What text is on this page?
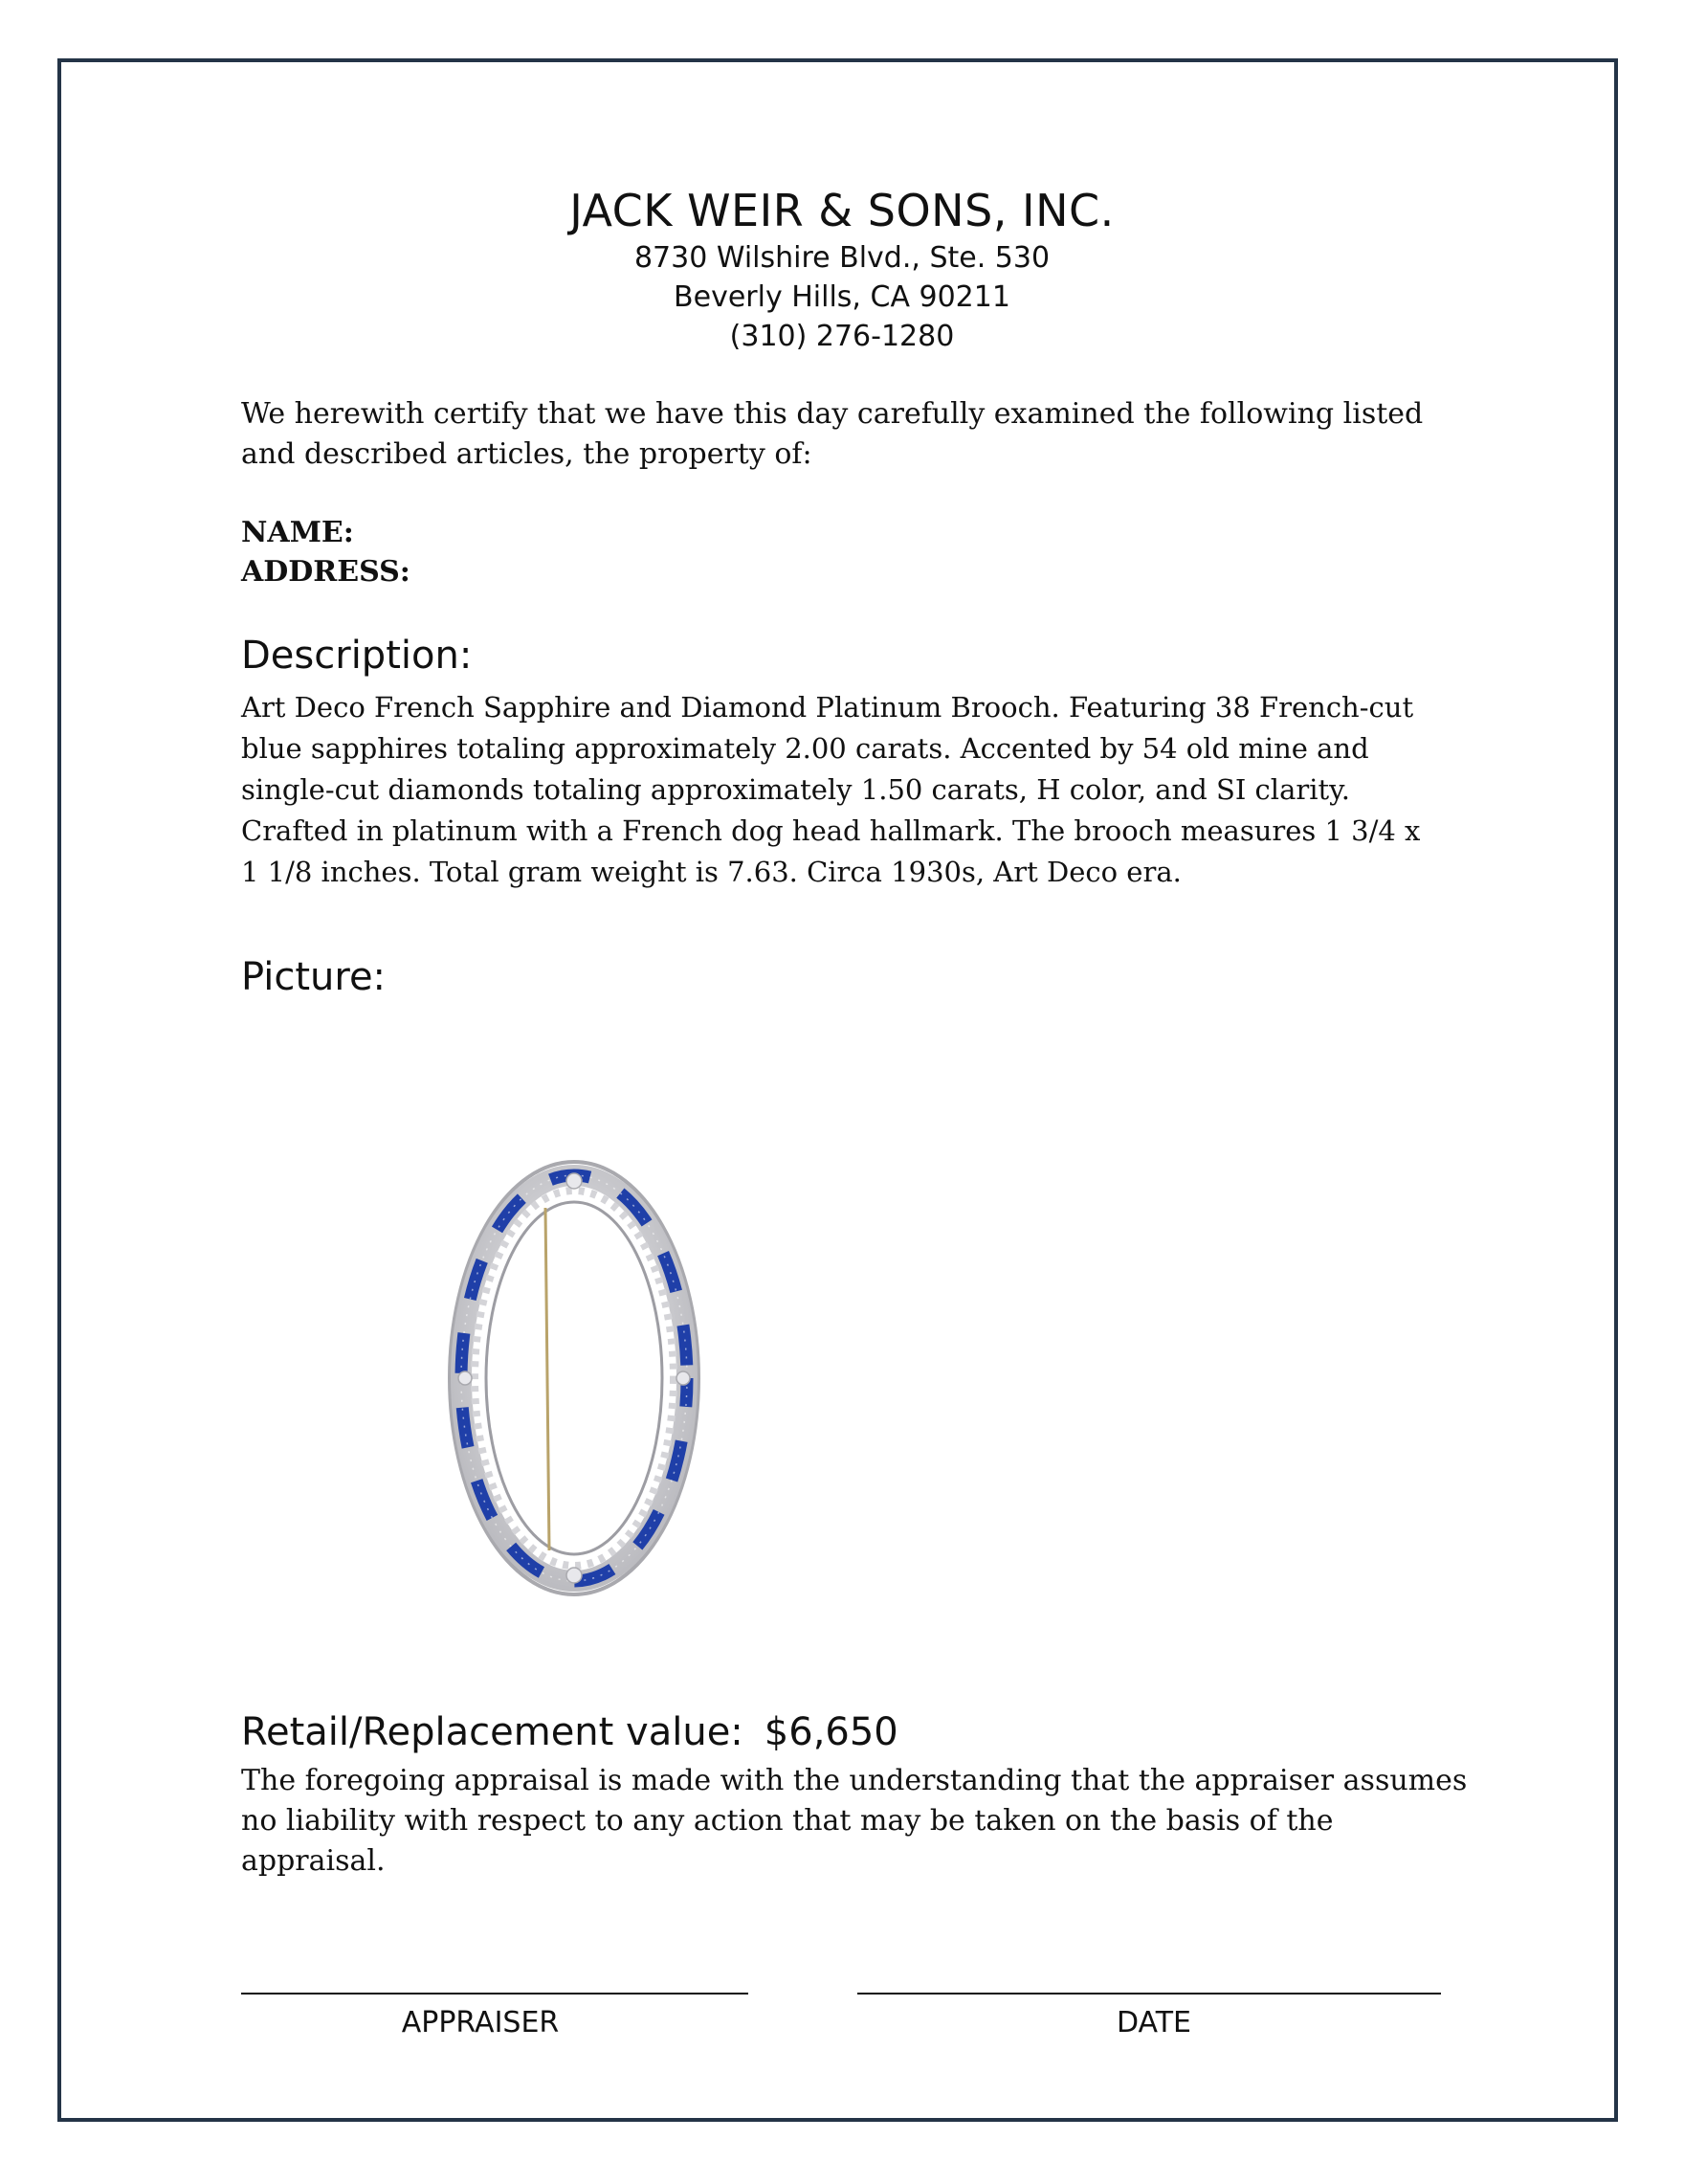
JACK WEIR & SONS, INC.
8730 Wilshire Blvd., Ste. 530
Beverly Hills, CA 90211
(310) 276-1280
We herewith certify that we have this day carefully examined the following listed and described articles, the property of:
NAME:
ADDRESS:
Description:
Art Deco French Sapphire and Diamond Platinum Brooch. Featuring 38 French-cut blue sapphires totaling approximately 2.00 carats. Accented by 54 old mine and single-cut diamonds totaling approximately 1.50 carats, H color, and SI clarity. Crafted in platinum with a French dog head hallmark. The brooch measures 1 3/4 x 1 1/8 inches. Total gram weight is 7.63. Circa 1930s, Art Deco era.
Picture:
Retail/Replacement value: $6,650
The foregoing appraisal is made with the understanding that the appraiser assumes no liability with respect to any action that may be taken on the basis of the appraisal.
APPRAISER	DATE
